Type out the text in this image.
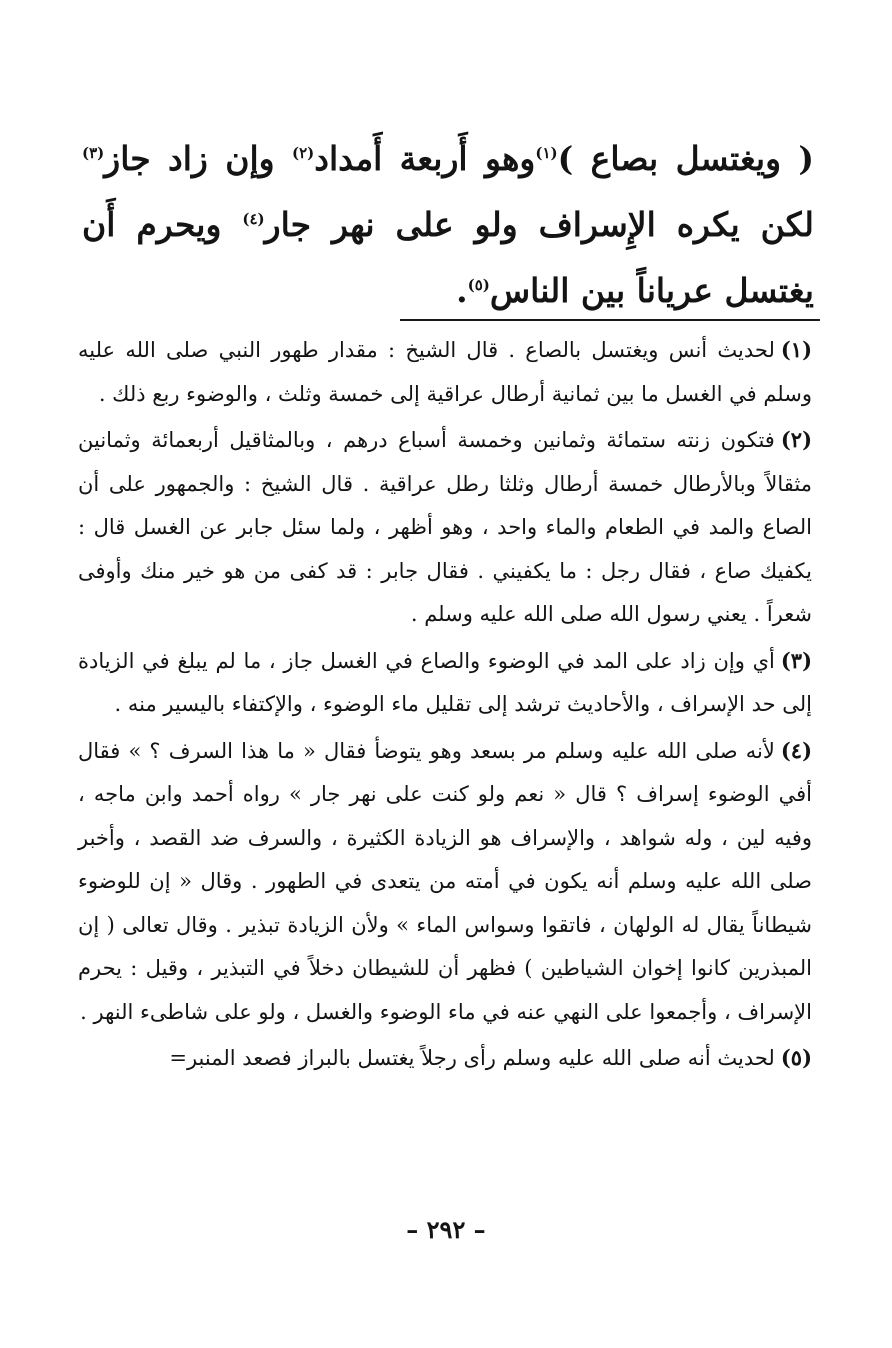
( ويغتسل بصاع )$^{(١)}$وهو أَربعة أَمداد$^{(٢)}$ وإن زاد جاز$^{(٣)}$ لكن يكره الإِسراف ولو على نهر جار$^{(٤)}$ ويحرم أَن يغتسل عرياناً بين الناس$^{(٥)}$.

(١)لحديث أنس ويغتسل بالصاع . قال الشيخ : مقدار طهور النبي صلى الله عليه وسلم في الغسل ما بين ثمانية أرطال عراقية إلى خمسة وثلث ، والوضوء ربع ذلك .

(٢)فتكون زنته ستمائة وثمانين وخمسة أسباع درهم ، وبالمثاقيل أربعمائة وثمانين مثقالاً وبالأرطال خمسة أرطال وثلثا رطل عراقية . قال الشيخ : والجمهور على أن الصاع والمد في الطعام والماء واحد ، وهو أظهر ، ولما سئل جابر عن الغسل قال : يكفيك صاع ، فقال رجل : ما يكفيني . فقال جابر : قد كفى من هو خير منك وأوفى شعراً . يعني رسول الله صلى الله عليه وسلم .

(٣)أي وإن زاد على المد في الوضوء والصاع في الغسل جاز ، ما لم يبلغ في الزيادة إلى حد الإسراف ، والأحاديث ترشد إلى تقليل ماء الوضوء ، والإكتفاء باليسير منه .

(٤)لأنه صلى الله عليه وسلم مر بسعد وهو يتوضأ فقال « ما هذا السرف ؟ » فقال أفي الوضوء إسراف ؟ قال « نعم ولو كنت على نهر جار » رواه أحمد وابن ماجه ، وفيه لين ، وله شواهد ، والإسراف هو الزيادة الكثيرة ، والسرف ضد القصد ، وأخبر صلى الله عليه وسلم أنه يكون في أمته من يتعدى في الطهور . وقال « إن للوضوء شيطاناً يقال له الولهان ، فاتقوا وسواس الماء » ولأن الزيادة تبذير . وقال تعالى ( إن المبذرين كانوا إخوان الشياطين ) فظهر أن للشيطان دخلاً في التبذير ، وقيل : يحرم الإسراف ، وأجمعوا على النهي عنه في ماء الوضوء والغسل ، ولو على شاطىء النهر .

(٥)لحديث أنه صلى الله عليه وسلم رأى رجلاً يغتسل بالبراز فصعد المنبر=

– ٢٩٢ –
